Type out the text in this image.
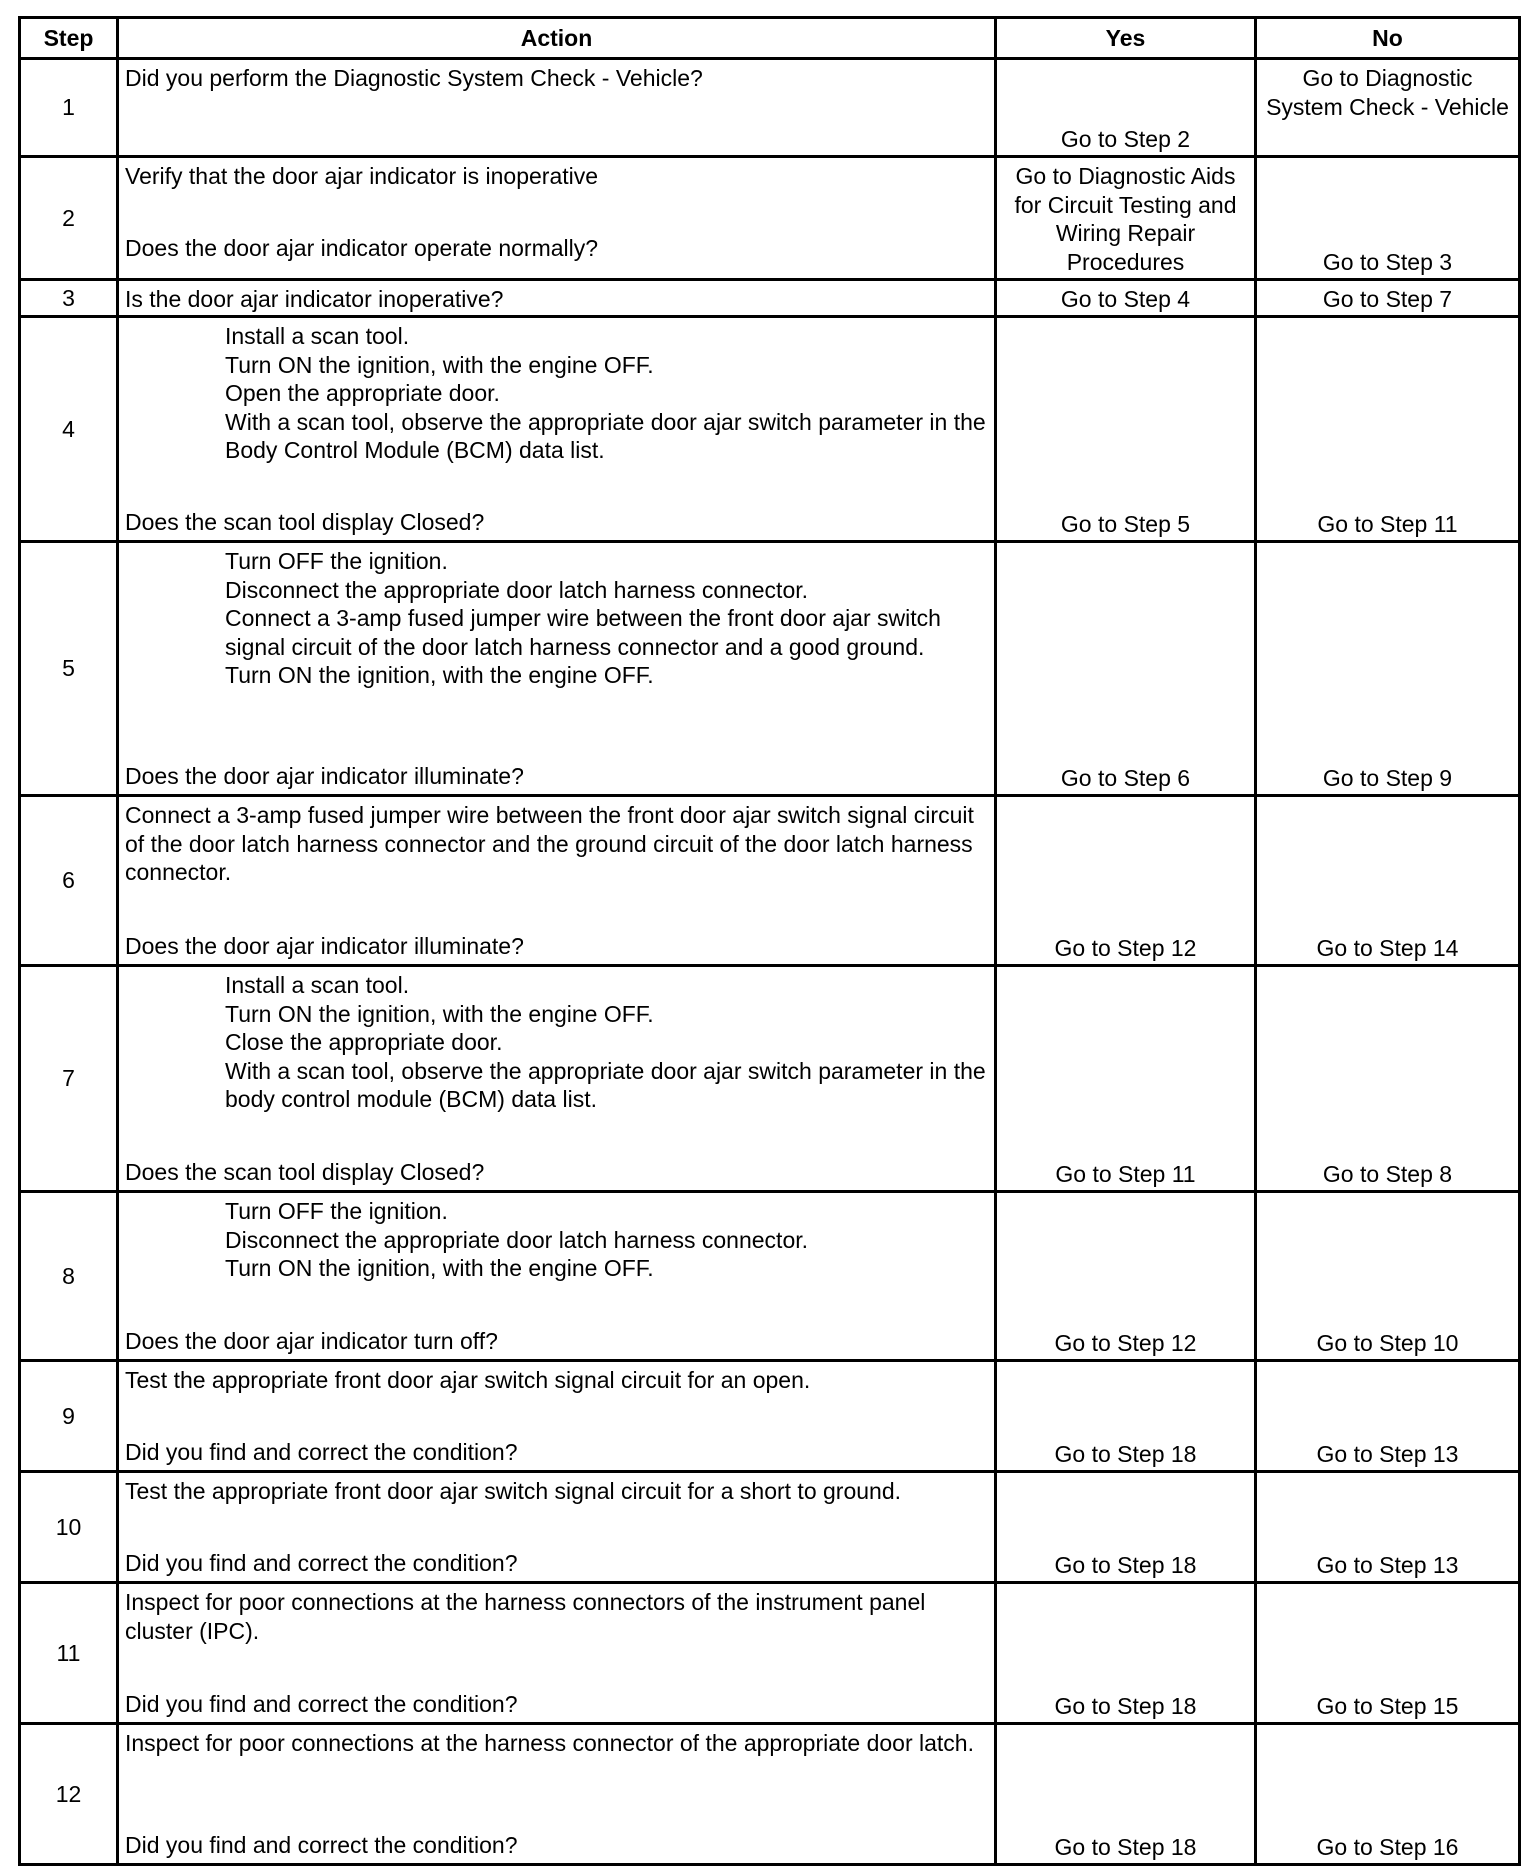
Step	Action	Yes	No
1	Did you perform the Diagnostic System Check - Vehicle?	Go to Step 2	Go to Diagnostic System Check - Vehicle
2	Verify that the door ajar indicator is inoperative

Does the door ajar indicator operate normally?	Go to Diagnostic Aids for Circuit Testing and Wiring Repair Procedures	Go to Step 3
3	Is the door ajar indicator inoperative?	Go to Step 4	Go to Step 7
4	Install a scan tool.

Turn ON the ignition, with the engine OFF.

Open the appropriate door.

With a scan tool, observe the appropriate door ajar switch parameter in the Body Control Module (BCM) data list.

Does the scan tool display Closed?	Go to Step 5	Go to Step 11
5	Turn OFF the ignition.

Disconnect the appropriate door latch harness connector.

Connect a 3-amp fused jumper wire between the front door ajar switch signal circuit of the door latch harness connector and a good ground.

Turn ON the ignition, with the engine OFF.

Does the door ajar indicator illuminate?	Go to Step 6	Go to Step 9
6	Connect a 3-amp fused jumper wire between the front door ajar switch signal circuit of the door latch harness connector and the ground circuit of the door latch harness connector.

Does the door ajar indicator illuminate?	Go to Step 12	Go to Step 14
7	Install a scan tool.

Turn ON the ignition, with the engine OFF.

Close the appropriate door.

With a scan tool, observe the appropriate door ajar switch parameter in the body control module (BCM) data list.

Does the scan tool display Closed?	Go to Step 11	Go to Step 8
8	Turn OFF the ignition.

Disconnect the appropriate door latch harness connector.

Turn ON the ignition, with the engine OFF.

Does the door ajar indicator turn off?	Go to Step 12	Go to Step 10
9	Test the appropriate front door ajar switch signal circuit for an open.

Did you find and correct the condition?	Go to Step 18	Go to Step 13
10	Test the appropriate front door ajar switch signal circuit for a short to ground.

Did you find and correct the condition?	Go to Step 18	Go to Step 13
11	Inspect for poor connections at the harness connectors of the instrument panel cluster (IPC).

Did you find and correct the condition?	Go to Step 18	Go to Step 15
12	Inspect for poor connections at the harness connector of the appropriate door latch.

Did you find and correct the condition?	Go to Step 18	Go to Step 16
